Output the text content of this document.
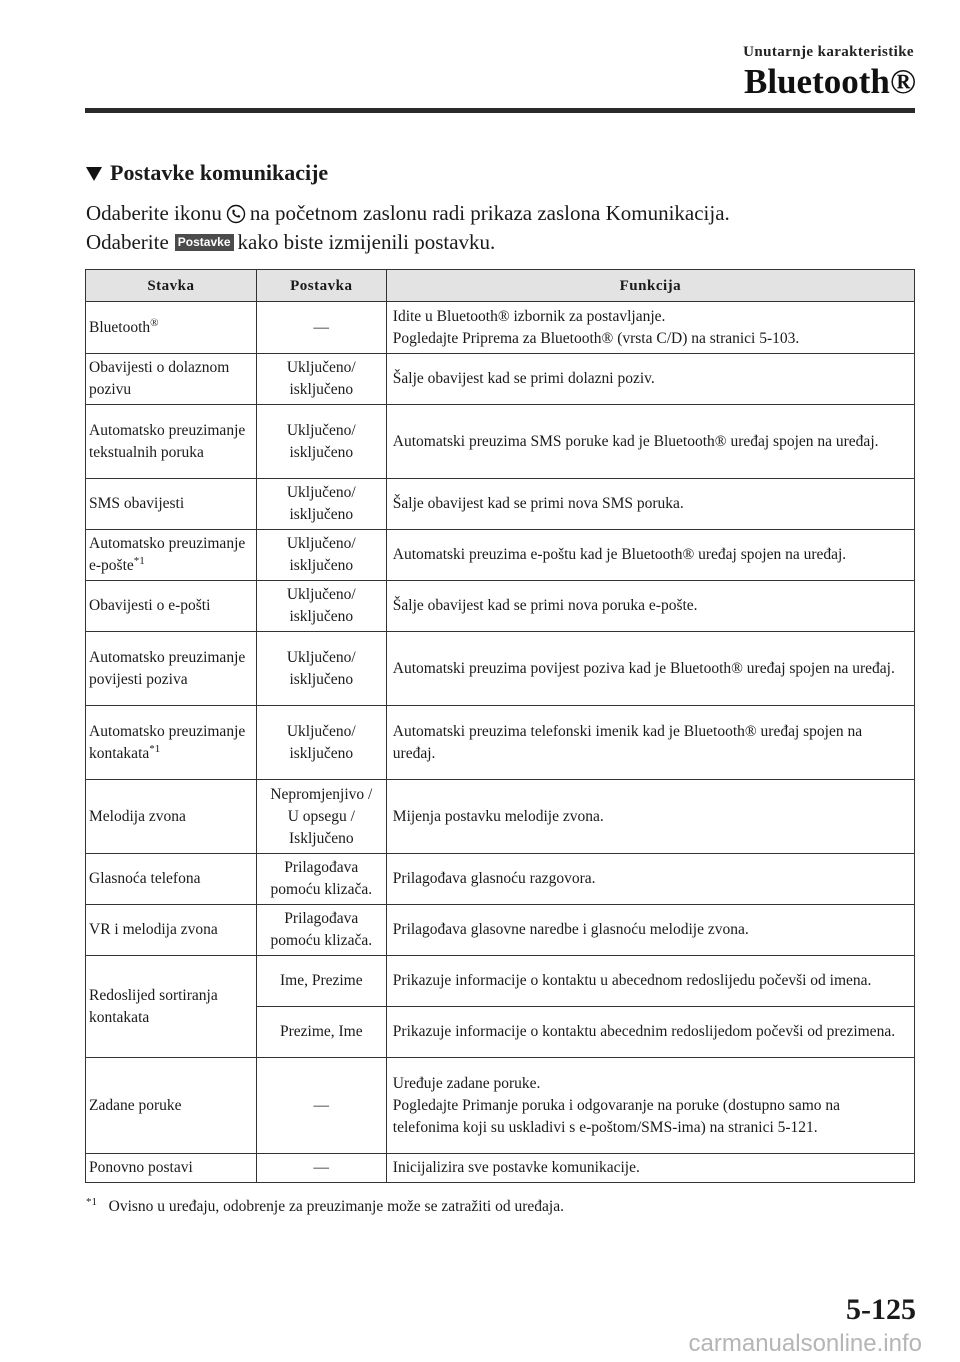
Unutarnje karakteristike
Bluetooth®
Postavke komunikacije
Odaberite ikonu na početnom zaslonu radi prikaza zaslona Komunikacija.
Odaberite Postavke kako biste izmijenili postavku.
Stavka	Postavka	Funkcija
Bluetooth®	—	Idite u Bluetooth® izbornik za postavljanje.
Pogledajte Priprema za Bluetooth® (vrsta C/D) na stranici 5-103.

Obavijesti o dolaznom pozivu	Uključeno/ isključeno	Šalje obavijest kad se primi dolazni poziv.
Automatsko preuzimanje tekstualnih poruka	Uključeno/ isključeno	Automatski preuzima SMS poruke kad je Bluetooth® uređaj spojen na uređaj.
SMS obavijesti	Uključeno/ isključeno	Šalje obavijest kad se primi nova SMS poruka.
Automatsko preuzimanje e-pošte$^{*1}$	Uključeno/ isključeno	Automatski preuzima e-poštu kad je Bluetooth® uređaj spojen na uređaj.
Obavijesti o e-pošti	Uključeno/ isključeno	Šalje obavijest kad se primi nova poruka e-pošte.
Automatsko preuzimanje povijesti poziva	Uključeno/ isključeno	Automatski preuzima povijest poziva kad je Bluetooth® uređaj spojen na uređaj.
Automatsko preuzimanje kontakata$^{*1}$	Uključeno/ isključeno	Automatski preuzima telefonski imenik kad je Bluetooth® uređaj spojen na uređaj.
Melodija zvona	Nepromjenjivo / U opsegu / Isključeno	Mijenja postavku melodije zvona.
Glasnoća telefona	Prilagođava pomoću klizača.	Prilagođava glasnoću razgovora.
VR i melodija zvona	Prilagođava pomoću klizača.	Prilagođava glasovne naredbe i glasnoću melodije zvona.
Redoslijed sortiranja kontakata	Ime, Prezime	Prikazuje informacije o kontaktu u abecednom redoslijedu počevši od imena.
	Prezime, Ime	Prikazuje informacije o kontaktu abecednim redoslijedom počevši od prezimena.
Zadane poruke	—	Uređuje zadane poruke.
Pogledajte Primanje poruka i odgovaranje na poruke (dostupno samo na telefonima koji su uskladivi s e-poštom/SMS-ima) na stranici 5-121.

Ponovno postavi	—	Inicijalizira sve postavke komunikacije.
$^{*1}$ Ovisno u uređaju, odobrenje za preuzimanje može se zatražiti od uređaja.
5-125
carmanualsonline.info
